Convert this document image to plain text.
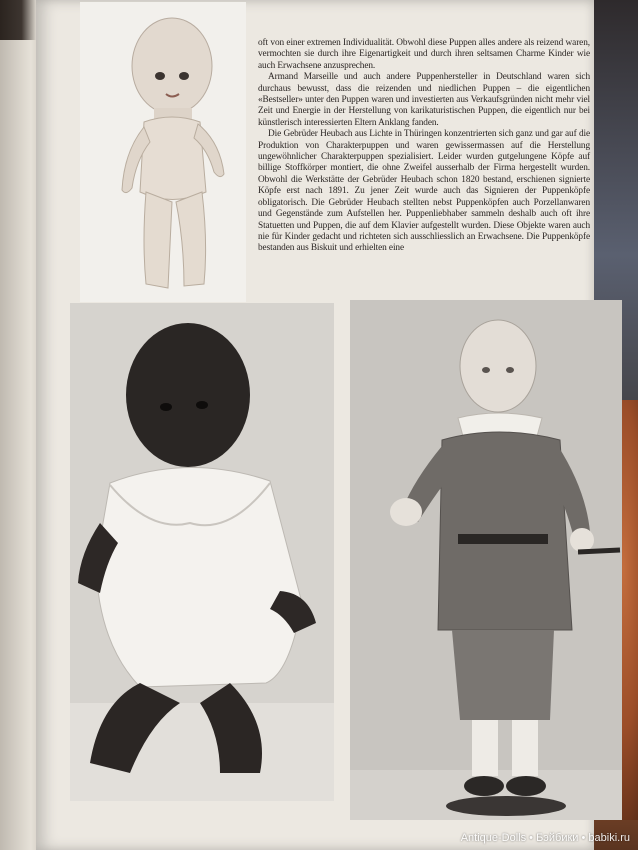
oft von einer extremen Individualität. Obwohl diese Puppen alles andere als reizend waren, vermochten sie durch ihre Eigenartigkeit und durch ihren seltsamen Charme Kinder wie auch Erwachsene anzusprechen.

Armand Marseille und auch andere Puppenhersteller in Deutschland waren sich durchaus bewusst, dass die reizenden und niedlichen Puppen – die eigentlichen «Bestseller» unter den Puppen waren und investierten aus Verkaufsgründen nicht mehr viel Zeit und Energie in der Herstellung von karikaturistischen Puppen, die eigentlich nur bei künstlerisch interessierten Eltern Anklang fanden.

Die Gebrüder Heubach aus Lichte in Thüringen konzentrierten sich ganz und gar auf die Produktion von Charakterpuppen und waren gewissermassen auf die Herstellung ungewöhnlicher Charakterpuppen spezialisiert. Leider wurden gutgelungene Köpfe auf billige Stoffkörper montiert, die ohne Zweifel ausserhalb der Firma hergestellt wurden. Obwohl die Werkstätte der Gebrüder Heubach schon 1820 bestand, erschienen signierte Köpfe erst nach 1891. Zu jener Zeit wurde auch das Signieren der Puppenköpfe obligatorisch. Die Gebrüder Heubach stellten nebst Puppenköpfen auch Porzellanwaren und Gegenstände zum Aufstellen her. Puppenliebhaber sammeln deshalb auch oft ihre Statuetten und Puppen, die auf dem Klavier aufgestellt wurden. Diese Objekte waren auch nie für Kinder gedacht und richteten sich ausschliesslich an Erwachsene. Die Puppenköpfe bestanden aus Biskuit und erhielten eine

Antique-Dolls • Бэйбики • babiki.ru
